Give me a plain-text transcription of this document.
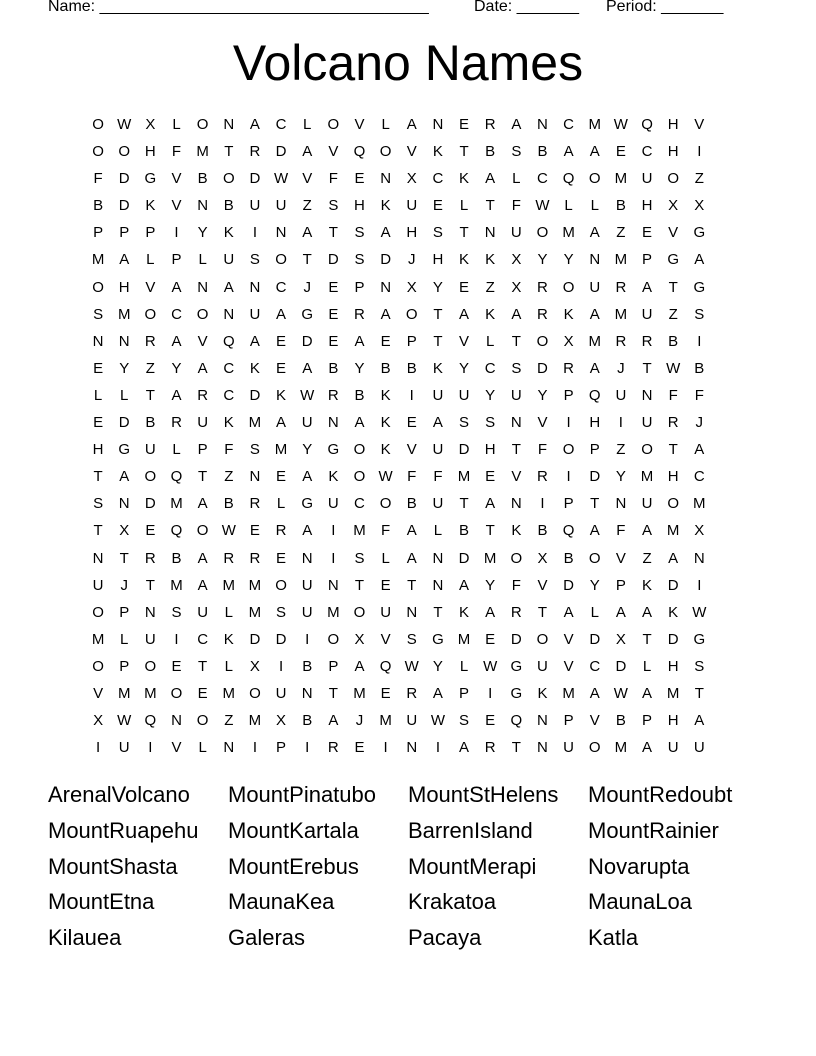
Name: _____________________________________	Date: _______ Period: _______
Volcano Names
O W X	L	O N	A	C	L	O	V	L	A	N	E	R	A	N	C M W Q H	V
O O H	F	M	T	R	D	A	V	Q O	V	K	T	B	S	B	A	A	E	C	H	I
F	D G	V	B	O D W V	F	E	N	X	C	K	A	L	C Q O M U O	Z
B	D	K	V	N	B	U	U	Z	S	H	K	U	E	L	T	F W L	L	B	H	X	X
P	P	P	I	Y	K	I	N	A	T	S	A	H	S	T	N	U O M A	Z	E	V	G
M A	L	P	L	U	S	O	T	D	S	D	J	H	K	K	X	Y	Y	N M P	G	A
O H	V	A	N	A	N	C	J	E	P	N	X	Y	E	Z	X	R O U	R	A	T	G
S M O C O N	U	A	G	E	R	A	O	T	A	K	A	R	K	A M U	Z	S
N	N	R	A	V	Q	A	E	D	E	A	E	P	T	V	L	T	O	X M R	R	B	I
E	Y	Z	Y	A	C	K	E	A	B	Y	B	B	K	Y	C	S	D	R	A	J	T W B
L	L	T	A	R	C	D	K W R	B	K	I	U	U	Y	U	Y	P	Q U	N	F	F
E	D	B	R	U	K M A	U	N	A	K	E	A	S	S	N	V	I	H	I	U	R	J
H G U	L	P	F	S M Y	G O	K	V	U	D	H	T	F	O	P	Z	O	T	A
T	A	O Q	T	Z	N	E	A	K	O W F	F	M E	V	R	I	D	Y M H	C
S	N	D M A	B	R	L	G U	C O	B	U	T	A	N	I	P	T	N	U O M
T	X	E	Q O W E	R	A	I	M	F	A	L	B	T	K	B	Q	A	F	A M X
N	T	R	B	A	R	R	E	N	I	S	L	A	N	D M O	X	B	O	V	Z	A	N
U	J	T	M A M M O U	N	T	E	T	N	A	Y	F	V	D	Y	P	K	D	I
O	P	N	S	U	L	M S	U M O U	N	T	K	A	R	T	A	L	A	A	K W
M	L	U	I	C	K	D	D	I	O	X	V	S	G M E	D O	V	D	X	T	D G
O	P	O	E	T	L	X	I	B	P	A	Q W Y	L W G U	V	C	D	L	H	S
V M M O	E M O U	N	T	M E	R	A	P	I	G	K M A W A M	T
X W Q N O	Z	M X	B	A	J	M U W S	E	Q N	P	V	B	P	H	A
I	U	I	V	L	N	I	P	I	R	E	I	N	I	A	R	T	N	U O M A	U	U
ArenalVolcano	MountPinatubo	MountStHelens	MountRedoubt
MountRuapehu	MountKartala	BarrenIsland	MountRainier
MountShasta	MountErebus	MountMerapi	Novarupta
MountEtna	MaunaKea	Krakatoa	MaunaLoa
Kilauea	Galeras	Pacaya	Katla
